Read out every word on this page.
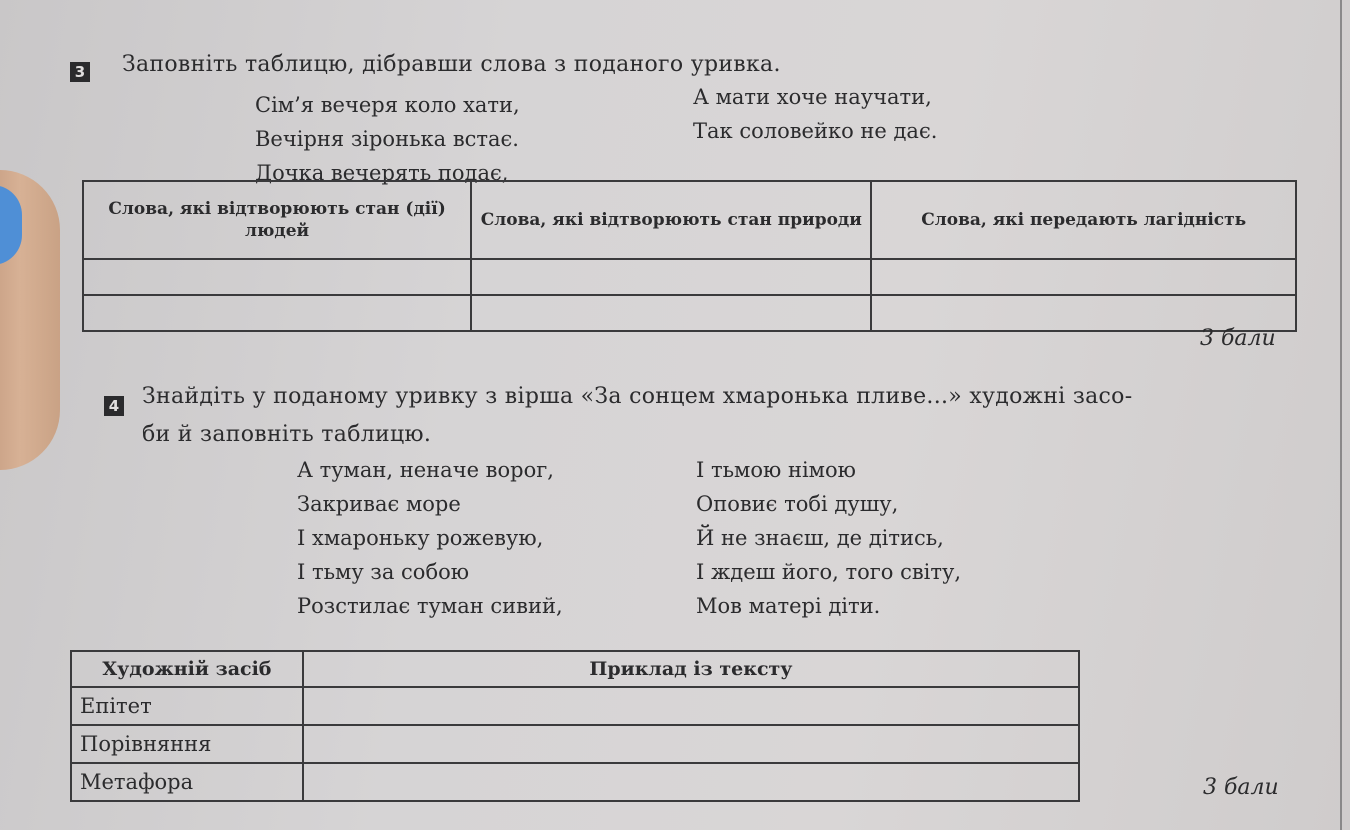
3 Заповніть таблицю, дібравши слова з поданого уривка.
Сім’я вечеря коло хати,
Вечірня зіронька встає.
Дочка вечерять подає,
А мати хоче научати,
Так соловейко не дає.
Слова, які відтворюють стан (дії) людей	Слова, які відтворюють стан природи	Слова, які передають лагідність

3 бали
4 Знайдіть у поданому уривку з вірша «За сонцем хмаронька пливе...» художні засо-
би й заповніть таблицю.
А туман, неначе ворог,
Закриває море
І хмароньку рожевую,
І тьму за собою
Розстилає туман сивий,
І тьмою німою
Оповиє тобі душу,
Й не знаєш, де дітись,
І ждеш його, того світу,
Мов матері діти.
Художній засіб	Приклад із тексту
Епітет	
Порівняння	
Метафора		3 бали
